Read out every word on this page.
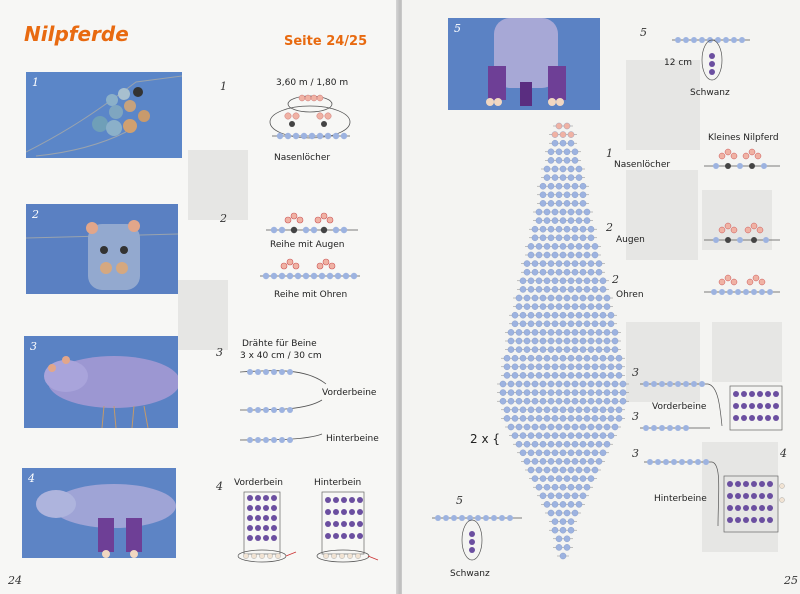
Nilpferde	Seite 24/25
1
2
3
4
1
2
3
4
3,60 m / 1,80 m
Nasenlöcher
Reihe mit Augen
Reihe mit Ohren
Drähte für Beine
3 x 40 cm / 30 cm
Vorderbeine
Hinterbeine
Vorderbein	Hinterbein
24
5	5
12 cm
Schwanz
Kleines Nilpferd
1
Nasenlöcher
2
Augen
2
Ohren
2 x {
3
3
Vorderbeine
3	4
Hinterbeine
5
Schwanz	25
